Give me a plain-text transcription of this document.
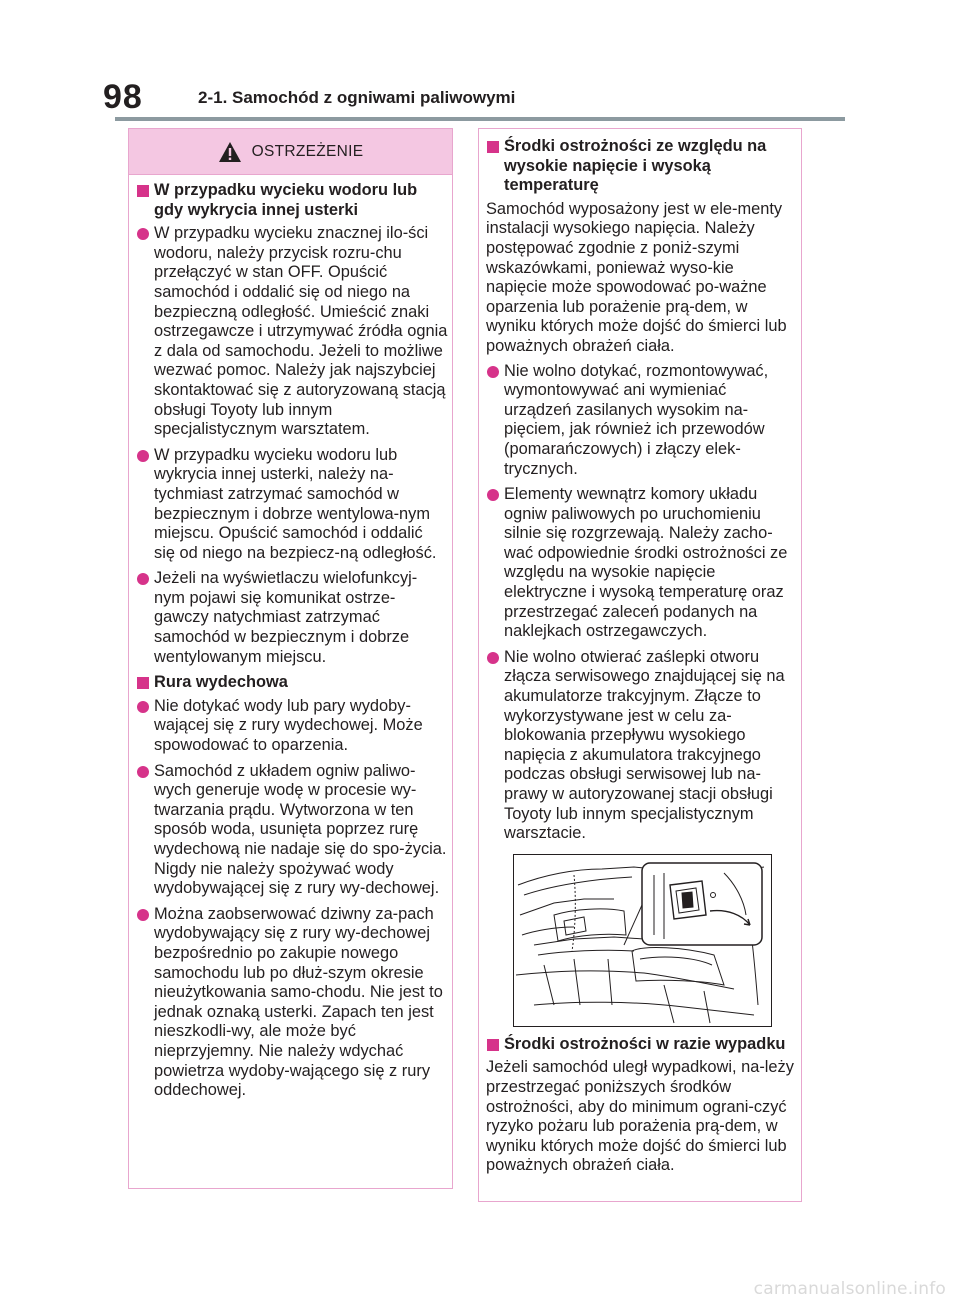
98	2-1. Samochód z ogniwami paliwowymi
OSTRZEŻENIE
W przypadku wycieku wodoru lub gdy wykrycia innej usterki
W przypadku wycieku znacznej ilo-ści wodoru, należy przycisk rozru-chu przełączyć w stan OFF. Opuścić samochód i oddalić się od niego na bezpieczną odległość. Umieścić znaki ostrzegawcze i utrzymywać źródła ognia z dala od samochodu. Jeżeli to możliwe wezwać pomoc. Należy jak najszybciej skontaktować się z autoryzowaną stacją obsługi Toyoty lub innym specjalistycznym warsztatem.
W przypadku wycieku wodoru lub wykrycia innej usterki, należy na-tychmiast zatrzymać samochód w bezpiecznym i dobrze wentylowa-nym miejscu. Opuścić samochód i oddalić się od niego na bezpiecz-ną odległość.
Jeżeli na wyświetlaczu wielofunkcyj-nym pojawi się komunikat ostrze-gawczy natychmiast zatrzymać samochód w bezpiecznym i dobrze wentylowanym miejscu.
Rura wydechowa
Nie dotykać wody lub pary wydoby-wającej się z rury wydechowej. Może spowodować to oparzenia.
Samochód z układem ogniw paliwo-wych generuje wodę w procesie wy-twarzania prądu. Wytworzona w ten sposób woda, usunięta poprzez rurę wydechową nie nadaje się do spo-życia. Nigdy nie należy spożywać wody wydobywającej się z rury wy-dechowej.
Można zaobserwować dziwny za-pach wydobywający się z rury wy-dechowej bezpośrednio po zakupie nowego samochodu lub po dłuż-szym okresie nieużytkowania samo-chodu. Nie jest to jednak oznaką usterki. Zapach ten jest nieszkodli-wy, ale może być nieprzyjemny. Nie należy wdychać powietrza wydoby-wającego się z rury oddechowej.
Środki ostrożności ze względu na wysokie napięcie i wysoką temperaturę
Samochód wyposażony jest w ele-menty instalacji wysokiego napięcia. Należy postępować zgodnie z poniż-szymi wskazówkami, ponieważ wyso-kie napięcie może spowodować po-ważne oparzenia lub porażenie prą-dem, w wyniku których może dojść do śmierci lub poważnych obrażeń ciała.
Nie wolno dotykać, rozmontowywać, wymontowywać ani wymieniać urządzeń zasilanych wysokim na-pięciem, jak również ich przewodów (pomarańczowych) i złączy elek-trycznych.
Elementy wewnątrz komory układu ogniw paliwowych po uruchomieniu silnie się rozgrzewają. Należy zacho-wać odpowiednie środki ostrożności ze względu na wysokie napięcie elektryczne i wysoką temperaturę oraz przestrzegać zaleceń podanych na naklejkach ostrzegawczych.
Nie wolno otwierać zaślepki otworu złącza serwisowego znajdującej się na akumulatorze trakcyjnym. Złącze to wykorzystywane jest w celu za-blokowania przepływu wysokiego napięcia z akumulatora trakcyjnego podczas obsługi serwisowej lub na-prawy w autoryzowanej stacji obsługi Toyoty lub innym specjalistycznym warsztacie.
Środki ostrożności w razie wypadku
Jeżeli samochód uległ wypadkowi, na-leży przestrzegać poniższych środków ostrożności, aby do minimum ograni-czyć ryzyko pożaru lub porażenia prą-dem, w wyniku których może dojść do śmierci lub poważnych obrażeń ciała.
carmanualsonline.info
